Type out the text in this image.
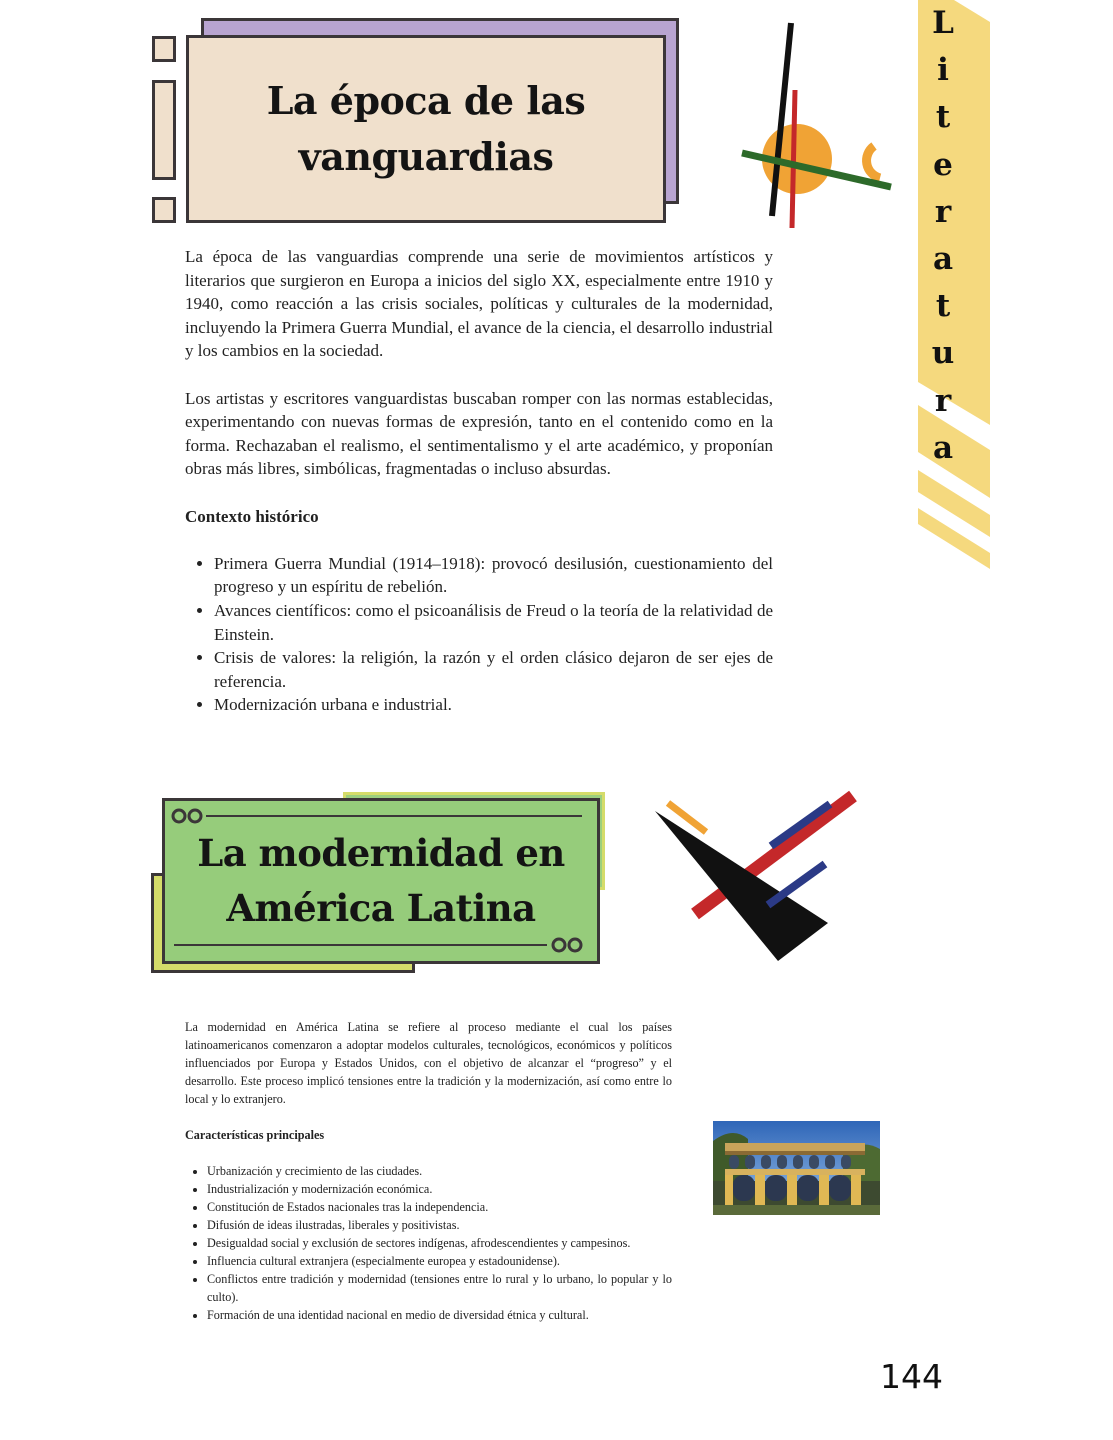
L
i
t
e
r
a
t
u
r
a
La época de las
vanguardias

La época de las vanguardias comprende una serie de movimientos artísticos y literarios que surgieron en Europa a inicios del siglo XX, especialmente entre 1910 y 1940, como reacción a las crisis sociales, políticas y culturales de la modernidad, incluyendo la Primera Guerra Mundial, el avance de la ciencia, el desarrollo industrial y los cambios en la sociedad.

Los artistas y escritores vanguardistas buscaban romper con las normas establecidas, experimentando con nuevas formas de expresión, tanto en el contenido como en la forma. Rechazaban el realismo, el sentimentalismo y el arte académico, y proponían obras más libres, simbólicas, fragmentadas o incluso absurdas.

Contexto histórico

• Primera Guerra Mundial (1914–1918): provocó desilusión, cuestionamiento del progreso y un espíritu de rebelión.
• Avances científicos: como el psicoanálisis de Freud o la teoría de la relatividad de Einstein.
• Crisis de valores: la religión, la razón y el orden clásico dejaron de ser ejes de referencia.
• Modernización urbana e industrial.
La modernidad en
América Latina

La modernidad en América Latina se refiere al proceso mediante el cual los países latinoamericanos comenzaron a adoptar modelos culturales, tecnológicos, económicos y políticos influenciados por Europa y Estados Unidos, con el objetivo de alcanzar el “progreso” y el desarrollo. Este proceso implicó tensiones entre la tradición y la modernización, así como entre lo local y lo extranjero.

Características principales

• Urbanización y crecimiento de las ciudades.
• Industrialización y modernización económica.
• Constitución de Estados nacionales tras la independencia.
• Difusión de ideas ilustradas, liberales y positivistas.
• Desigualdad social y exclusión de sectores indígenas, afrodescendientes y campesinos.
• Influencia cultural extranjera (especialmente europea y estadounidense).
• Conflictos entre tradición y modernidad (tensiones entre lo rural y lo urbano, lo popular y lo culto).
• Formación de una identidad nacional en medio de diversidad étnica y cultural.
144
